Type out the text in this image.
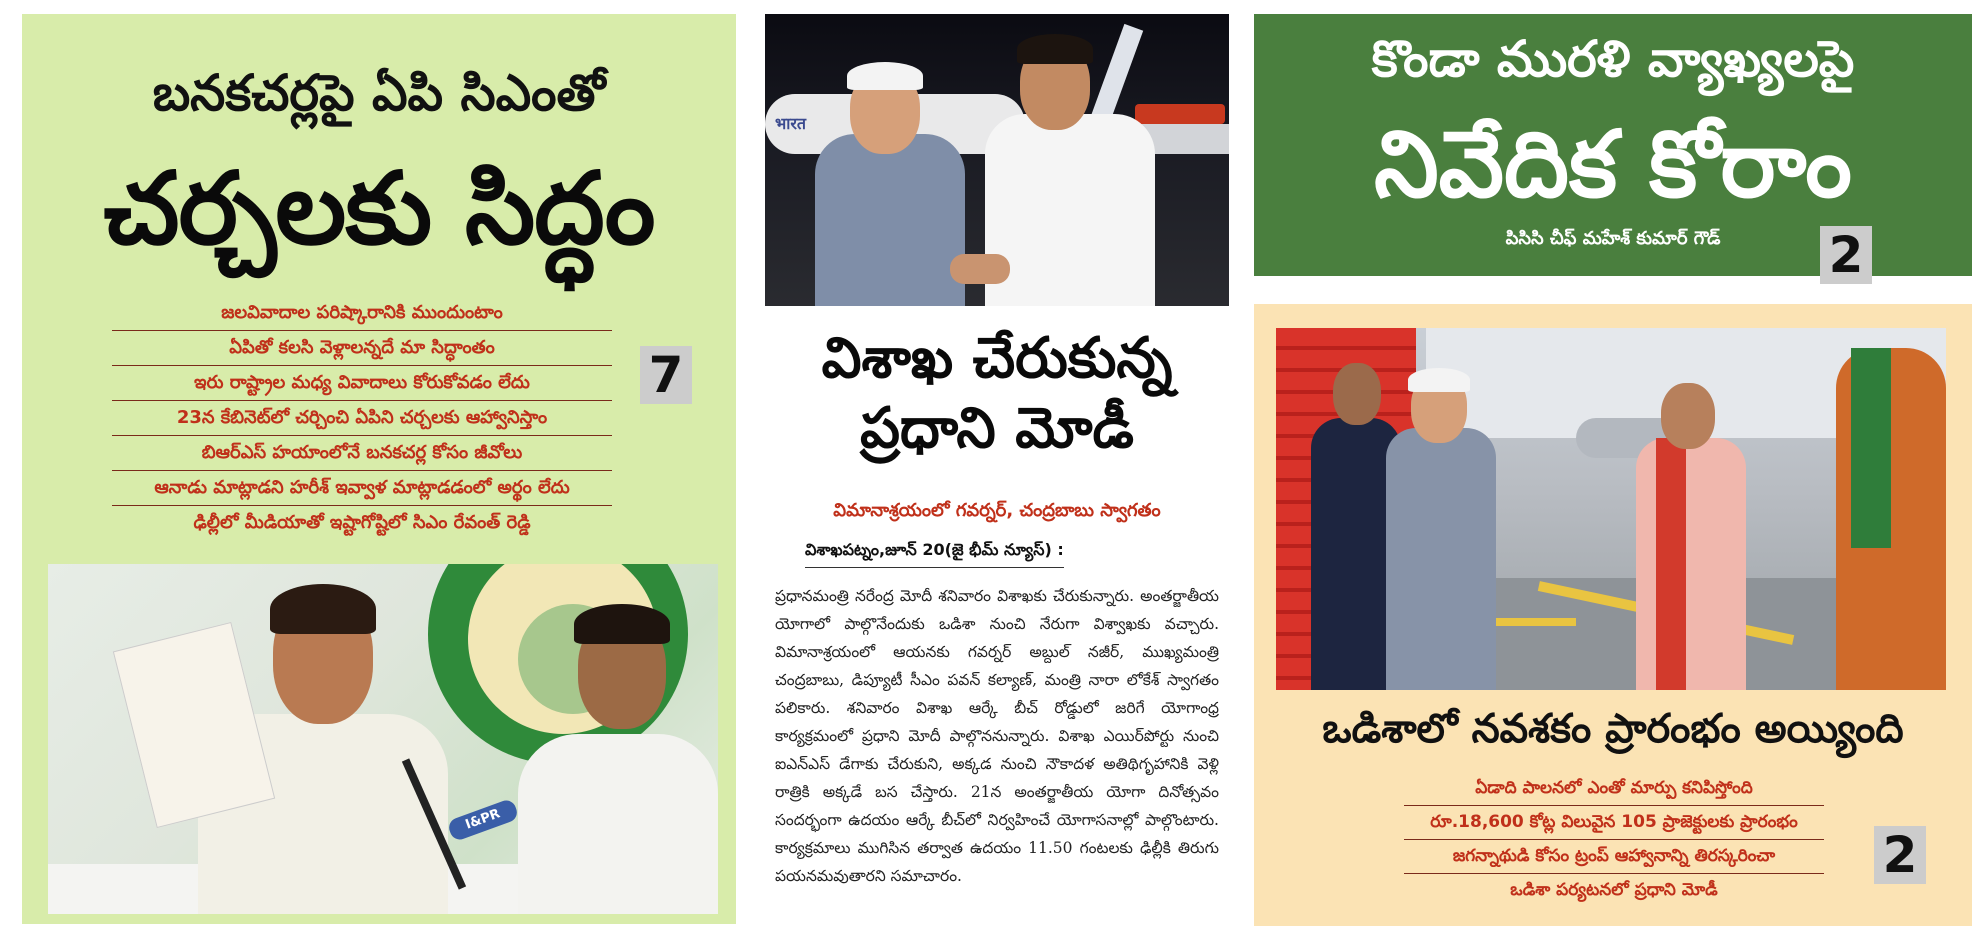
బనకచర్లపై ఏపి సిఎంతో
చర్చలకు సిద్ధం
జలవివాదాల పరిష్కారానికి ముందుంటాం
ఏపితో కలసి వెళ్లాలన్నదే మా సిద్ధాంతం
ఇరు రాష్ట్రాల మధ్య వివాదాలు కోరుకోవడం లేదు
23న కేబినెట్‌లో చర్చించి ఏపిని చర్చలకు ఆహ్వానిస్తాం
బిఆర్ఎస్ హయాంలోనే బనకచర్ల కోసం జీవోలు
ఆనాడు మాట్లాడని హరీశ్ ఇవ్వాళ మాట్లాడడంలో అర్థం లేదు
ఢిల్లీలో మీడియాతో ఇష్టాగోష్టిలో సిఎం రేవంత్ రెడ్డి
7
I&PR
भारत
విశాఖ చేరుకున్న ప్రధాని మోడీ
విమానాశ్రయంలో గవర్నర్, చంద్రబాబు స్వాగతం
విశాఖపట్నం,జూన్ 20(జై భీమ్ న్యూస్) :
ప్రధానమంత్రి నరేంద్ర మోదీ శనివారం విశాఖకు చేరుకున్నారు. అంతర్జాతీయ యోగాలో పాల్గొనేందుకు ఒడిశా నుంచి నేరుగా విశ్వాఖకు వచ్చారు. విమానాశ్రయంలో ఆయనకు గవర్నర్ అబ్దుల్ నజీర్, ముఖ్యమంత్రి చంద్రబాబు, డిప్యూటీ సీఎం పవన్ కల్యాణ్, మంత్రి నారా లోకేశ్ స్వాగతం పలికారు. శనివారం విశాఖ ఆర్కే బీచ్ రోడ్డులో జరిగే యోగాంధ్ర కార్యక్రమంలో ప్రధాని మోదీ పాల్గొననున్నారు. విశాఖ ఎయిర్‌పోర్టు నుంచి ఐఎన్ఎస్ డేగాకు చేరుకుని, అక్కడ నుంచి నౌకాదళ అతిథిగృహానికి వెళ్లి రాత్రికి అక్కడే బస చేస్తారు. 21న అంతర్జాతీయ యోగా దినోత్సవం సందర్భంగా ఉదయం ఆర్కే బీచ్‌లో నిర్వహించే యోగాసనాల్లో పాల్గొంటారు. కార్యక్రమాలు ముగిసిన తర్వాత ఉదయం 11.50 గంటలకు ఢిల్లీకి తిరుగు పయనమవుతారని సమాచారం.
కొండా మురళి వ్యాఖ్యలపై
నివేదిక కోరాం
పిసిసి చీఫ్ మహేశ్ కుమార్ గౌడ్	2
ఒడిశాలో నవశకం ప్రారంభం అయ్యింది
ఏడాది పాలనలో ఎంతో మార్పు కనిపిస్తోంది
రూ.18,600 కోట్ల విలువైన 105 ప్రాజెక్టులకు ప్రారంభం
జగన్నాథుడి కోసం ట్రంప్ ఆహ్వానాన్ని తిరస్కరించా
ఒడిశా పర్యటనలో ప్రధాని మోడీ
2
